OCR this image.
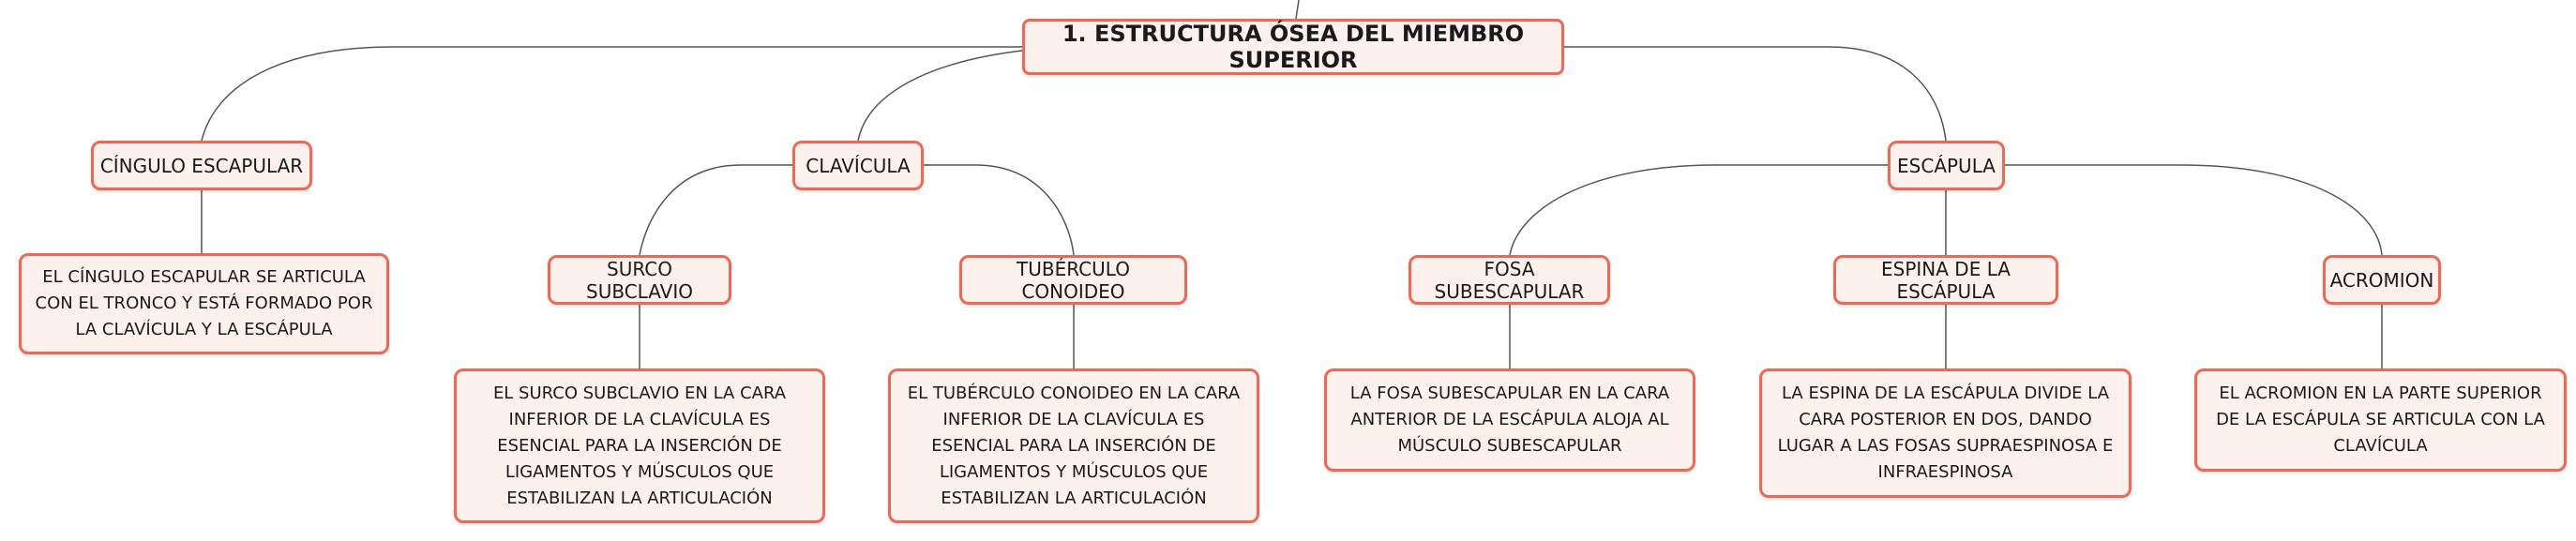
1. ESTRUCTURA ÓSEA DEL MIEMBRO SUPERIOR
CÍNGULO ESCAPULAR	CLAVÍCULA	ESCÁPULA
EL CÍNGULO ESCAPULAR SE ARTICULA CON EL TRONCO Y ESTÁ FORMADO POR LA CLAVÍCULA Y LA ESCÁPULA
SURCO SUBCLAVIO
TUBÉRCULO CONOIDEO
FOSA SUBESCAPULAR
ESPINA DE LA ESCÁPULA	ACROMION
EL SURCO SUBCLAVIO EN LA CARA INFERIOR DE LA CLAVÍCULA ES ESENCIAL PARA LA INSERCIÓN DE LIGAMENTOS Y MÚSCULOS QUE ESTABILIZAN LA ARTICULACIÓN
EL TUBÉRCULO CONOIDEO EN LA CARA INFERIOR DE LA CLAVÍCULA ES ESENCIAL PARA LA INSERCIÓN DE LIGAMENTOS Y MÚSCULOS QUE ESTABILIZAN LA ARTICULACIÓN
LA FOSA SUBESCAPULAR EN LA CARA ANTERIOR DE LA ESCÁPULA ALOJA AL MÚSCULO SUBESCAPULAR
LA ESPINA DE LA ESCÁPULA DIVIDE LA CARA POSTERIOR EN DOS, DANDO LUGAR A LAS FOSAS SUPRAESPINOSA E INFRAESPINOSA
EL ACROMION EN LA PARTE SUPERIOR DE LA ESCÁPULA SE ARTICULA CON LA CLAVÍCULA
